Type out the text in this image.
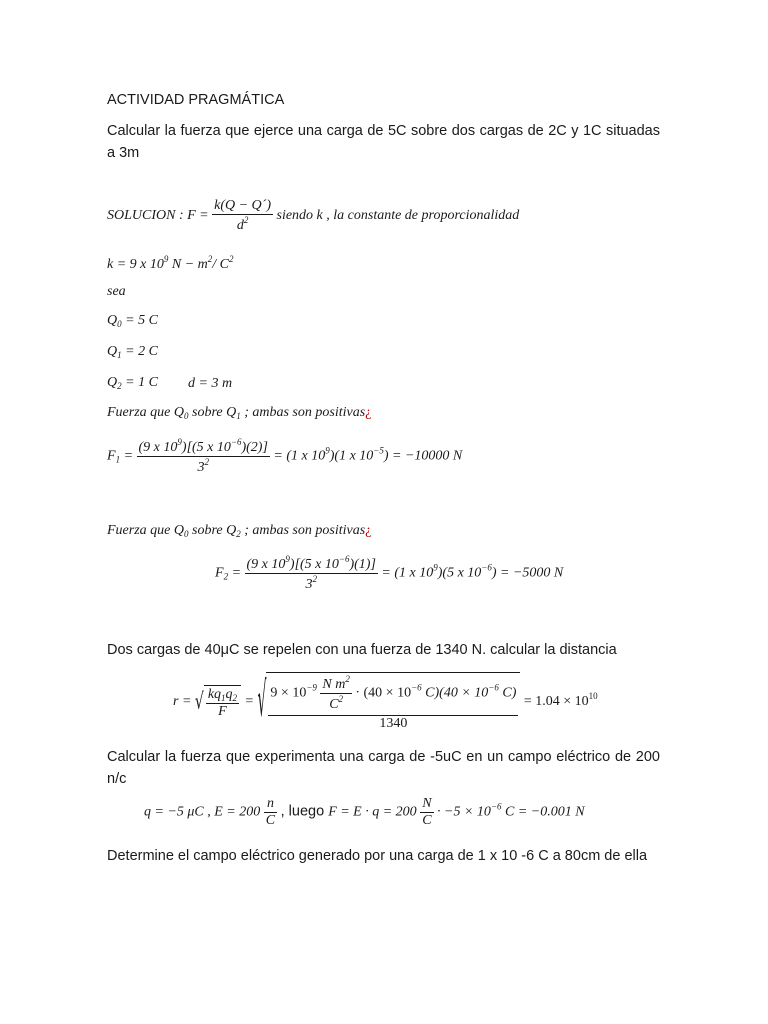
ACTIVIDAD PRAGMÁTICA
Calcular la fuerza que ejerce una carga de 5C sobre dos cargas de 2C y 1C situadas a 3m
SOLUCION : $F = \frac{k(Q - Q´)}{d^2}$ siendo k , la constante de proporcionalidad
k = 9 x $10^9$ $N - m^2/$ $C^2$
sea
$Q_0 = 5$ C
$Q_1 = 2$ C
$Q_2 = 1$ C d = 3 m
Fuerza que $Q_0$ sobre $Q_1$ ; ambas son positivas¿
$F_1 = \frac{(9 x 10^9)[(5 x 10^{-6})(2)]}{3^2} = (1$ x $10^9)(1$ x $10^{-5}) = -10000$ N
Fuerza que $Q_0$ sobre $Q_2$ ; ambas son positivas¿
$F_2 = \frac{(9 x 10^9)[(5 x 10^{-6})(1)]}{3^2} = (1$ x $10^9)(5$ x $10^{-6}) = -5000$ N
Dos cargas de 40μC se repelen con una fuerza de 1340 N. calcular la distancia
r = √ $\frac{kq_1q_2}{F}$ = √ $9 \times 10^{-9} \frac{N m^2}{C^2} \cdot (40 \times 10^{-6}$ $C)(40 \times 10^{-6}$ C)
1340
= $1.04 \times 10^{10}$
Calcular la fuerza que experimenta una carga de -5uC en un campo eléctrico de 200 n/c
q = −5 μC , $E = 200 \frac{n}{C}$ , luego $F = E \cdot q = 200 \frac{N}{C} \cdot -5 \times 10^{-6}$ C = −0.001 N
Determine el campo eléctrico generado por una carga de 1 x 10 -6 C a 80cm de ella
